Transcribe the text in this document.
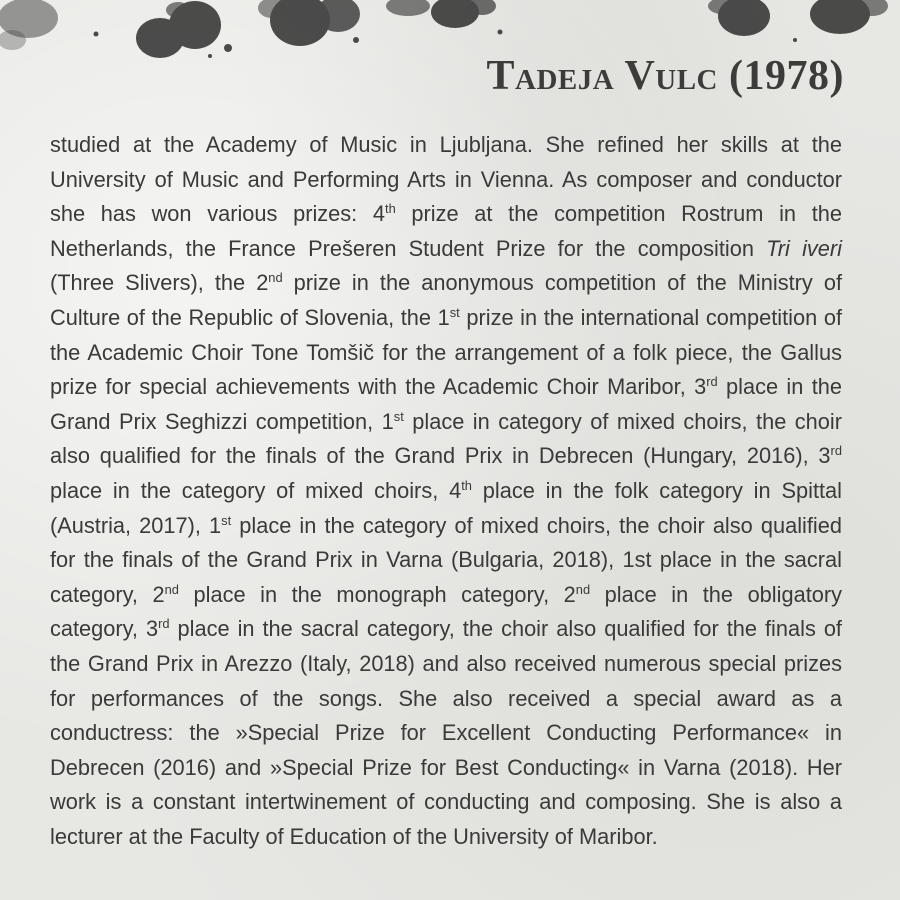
Tadeja Vulc (1978)

studied at the Academy of Music in Ljubljana. She refined her skills at the University of Music and Performing Arts in Vienna. As composer and conductor she has won various prizes: 4th prize at the competition Rostrum in the Netherlands, the France Prešeren Student Prize for the composition Tri iveri (Three Slivers), the 2nd prize in the anonymous competition of the Ministry of Culture of the Republic of Slovenia, the 1st prize in the international competition of the Academic Choir Tone Tomšič for the arrangement of a folk piece, the Gallus prize for special achievements with the Academic Choir Maribor, 3rd place in the Grand Prix Seghizzi competition, 1st place in category of mixed choirs, the choir also qualified for the finals of the Grand Prix in Debrecen (Hungary, 2016), 3rd place in the category of mixed choirs, 4th place in the folk category in Spittal (Austria, 2017), 1st place in the category of mixed choirs, the choir also qualified for the finals of the Grand Prix in Varna (Bulgaria, 2018), 1st place in the sacral category, 2nd place in the monograph category, 2nd place in the obligatory category, 3rd place in the sacral category, the choir also qualified for the finals of the Grand Prix in Arezzo (Italy, 2018) and also received numerous special prizes for performances of the songs. She also received a special award as a conductress: the »Special Prize for Excellent Conducting Performance« in Debrecen (2016) and »Special Prize for Best Conducting« in Varna (2018). Her work is a constant intertwinement of conducting and composing. She is also a lecturer at the Faculty of Education of the University of Maribor.
